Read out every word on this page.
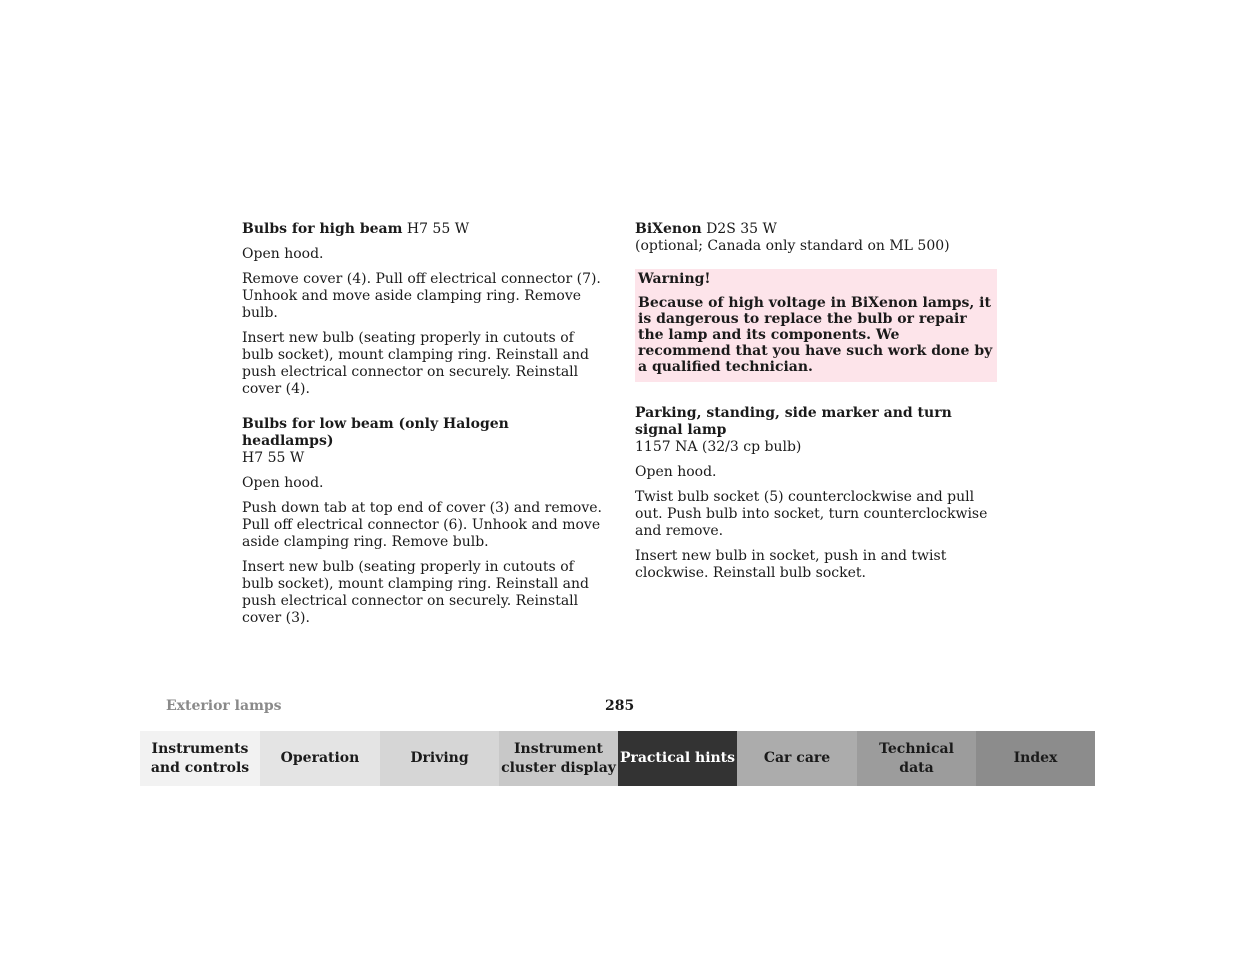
Bulbs for high beam H7 55 W

Open hood.

Remove cover (4). Pull off electrical connector (7). Unhook and move aside clamping ring. Remove bulb.

Insert new bulb (seating properly in cutouts of bulb socket), mount clamping ring. Reinstall and push electrical connector on securely. Reinstall cover (4).

Bulbs for low beam (only Halogen headlamps)
H7 55 W

Open hood.

Push down tab at top end of cover (3) and remove. Pull off electrical connector (6). Unhook and move aside clamping ring. Remove bulb.

Insert new bulb (seating properly in cutouts of bulb socket), mount clamping ring. Reinstall and push electrical connector on securely. Reinstall cover (3).

BiXenon D2S 35 W
(optional; Canada only standard on ML 500)

Warning!

Because of high voltage in BiXenon lamps, it is dangerous to replace the bulb or repair the lamp and its components. We recommend that you have such work done by a qualified technician.

Parking, standing, side marker and turn signal lamp
1157 NA (32/3 cp bulb)

Open hood.

Twist bulb socket (5) counterclockwise and pull out. Push bulb into socket, turn counterclockwise and remove.

Insert new bulb in socket, push in and twist clockwise. Reinstall bulb socket.

Exterior lamps	285
Instruments
and controls
Operation	Driving
Instrument
cluster display
Practical hints	Car care
Technical
data
Index
